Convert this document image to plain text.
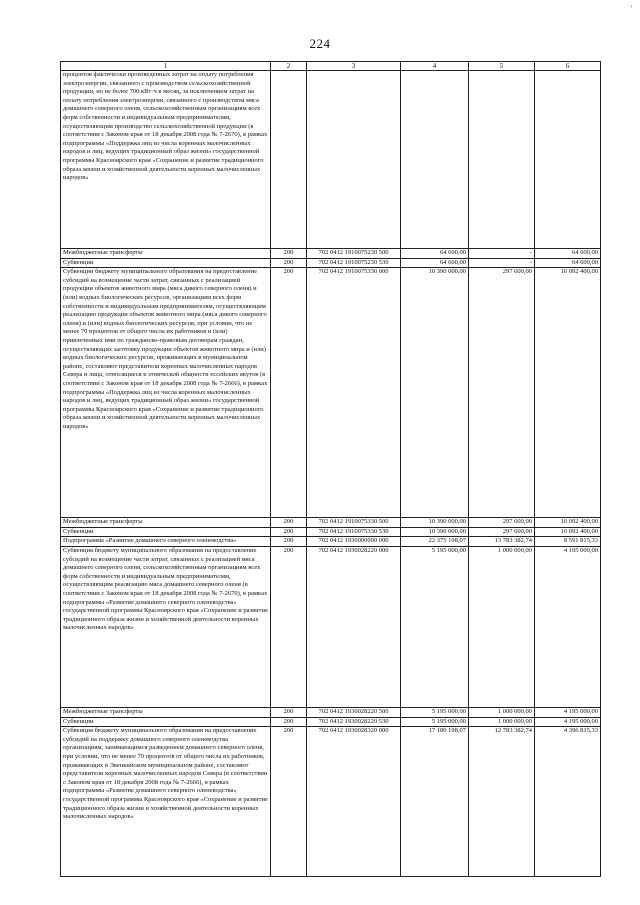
'
224
1	2	3	4	5	6
процентов фактически произведенных затрат на оплату потребления электроэнергии, связанного с производством сельскохозяйственной продукции, но не более 700 кВт·ч в месяц, за исключением затрат на оплату потребления электроэнергии, связанного с производством мяса домашнего северного оленя, сельскохозяйственным организациям всех форм собственности и индивидуальным предпринимателям, осуществляющим производство сельскохозяйственной продукции (в соответствии с Законом края от 18 декабря 2008 года № 7-2670), в рамках подпрограммы «Поддержка лиц из числа коренных малочисленных народов и лиц, ведущих традиционный образ жизни» государственной программы Красноярского края «Сохранение и развитие традиционного образа жизни и хозяйственной деятельности коренных малочисленных народов»					
Межбюджетные трансферты	200	702 0412 1910075230 500	64 600,00	-	64 600,00
Субвенции	200	702 0412 1910075230 530	64 600,00	-	64 600,00
Субвенции бюджету муниципального образования на предоставление субсидий на возмещение части затрат, связанных с реализацией продукции объектов животного мира (мяса дикого северного оленя) и (или) водных биологических ресурсов, организациям всех форм собственности и индивидуальным предпринимателям, осуществляющим реализацию продукции объектов животного мира (мяса дикого северного оленя) и (или) водных биологических ресурсов, при условии, что не менее 70 процентов от общего числа их работников и (или) привлеченных ими по гражданско-правовым договорам граждан, осуществляющих заготовку продукции объектов животного мира и (или) водных биологических ресурсов, проживающих в муниципальном районе, составляют представители коренных малочисленных народов Севера и лица, относящиеся к этнической общности ессейских якутов (в соответствии с Законом края от 18 декабря 2008 года № 7-2666), в рамках подпрограммы «Поддержка лиц из числа коренных малочисленных народов и лиц, ведущих традиционный образ жизни» государственной программы Красноярского края «Сохранение и развитие традиционного образа жизни и хозяйственной деятельности коренных малочисленных народов»	200	702 0412 1910075330 000	10 390 000,00	297 600,00	10 092 400,00
Межбюджетные трансферты	200	702 0412 1910075330 500	10 390 000,00	297 600,00	10 092 400,00
Субвенции	200	702 0412 1910075330 530	10 390 000,00	297 600,00	10 092 400,00
Подпрограмма «Развитие домашнего северного оленеводства»	200	702 0412 1930000000 000	22 375 198,07	13 783 382,74	8 591 815,33
Субвенция бюджету муниципального образования на предоставление субсидий на возмещение части затрат, связанных с реализацией мяса домашнего северного оленя, сельскохозяйственным организациям всех форм собственности и индивидуальным предпринимателям, осуществляющим реализацию мяса домашнего северного оленя (в соответствии с Законом края от 18 декабря 2008 года № 7-2670), в рамках подпрограммы «Развитие домашнего северного оленеводства» государственной программы Красноярского края «Сохранение и развитие традиционного образа жизни и хозяйственной деятельности коренных малочисленных народов»	200	702 0412 1930028220 000	5 195 000,00	1 000 000,00	4 195 000,00
Межбюджетные трансферты	200	702 0412 1930028220 500	5 195 000,00	1 000 000,00	4 195 000,00
Субвенции	200	702 0412 1930028220 530	5 195 000,00	1 000 000,00	4 195 000,00
Субвенция бюджету муниципального образования на предоставление субсидий на поддержку домашнего северного оленеводства организациям, занимающимся разведением домашнего северного оленя, при условии, что не менее 70 процентов от общего числа их работников, проживающих в Эвенкийском муниципальном районе, составляют представители коренных малочисленных народов Севера (в соответствии с Законом края от 18 декабря 2008 года № 7-2666), в рамках подпрограммы «Развитие домашнего северного оленеводства» государственной программы Красноярского края «Сохранение и развитие традиционного образа жизни и хозяйственной деятельности коренных малочисленных народов»	200	702 0412 1930028320 000	17 180 198,07	12 783 382,74	4 396 815,33
